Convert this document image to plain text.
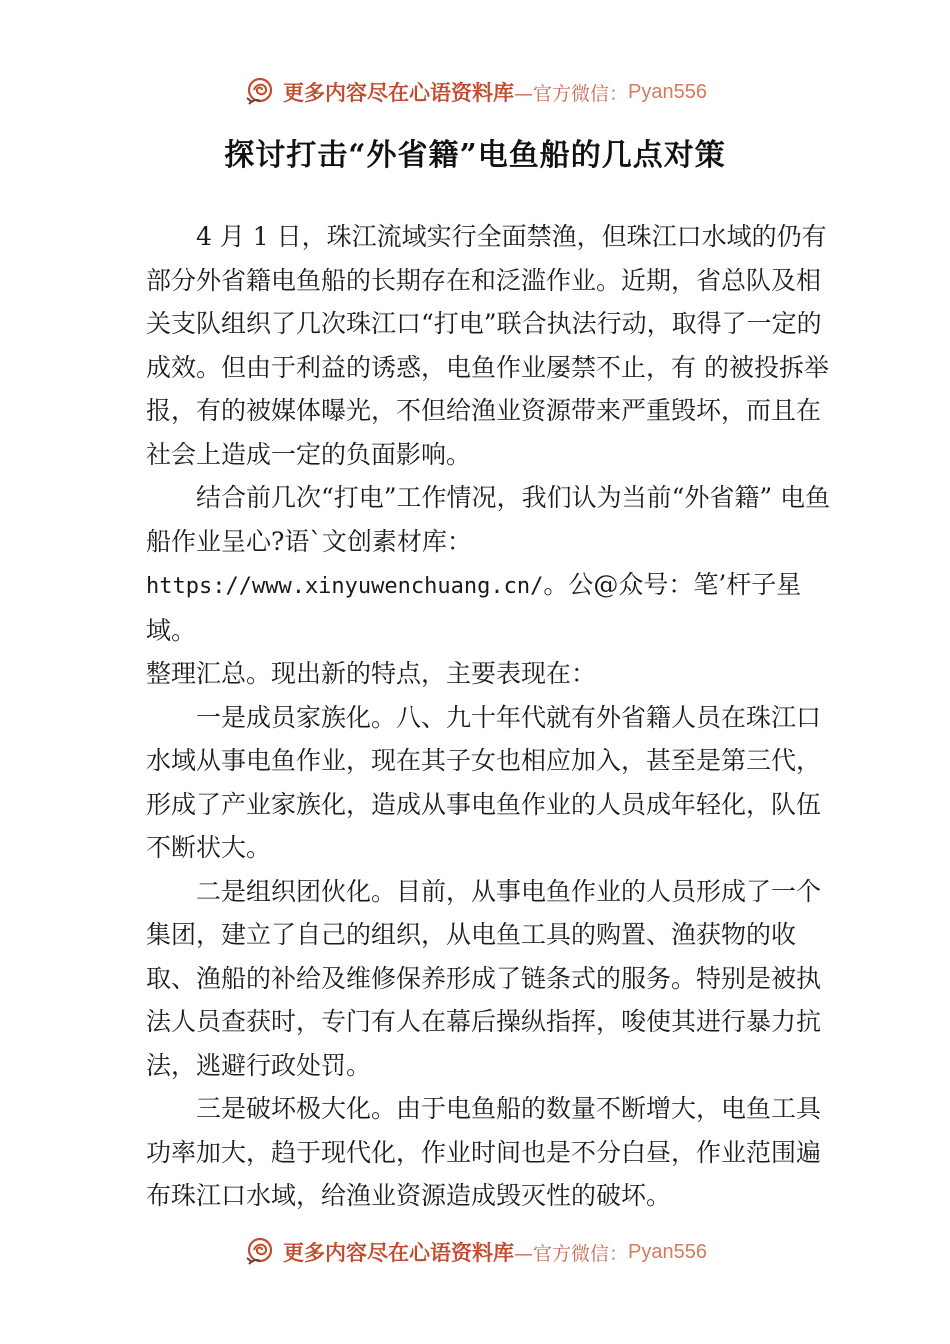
更多内容尽在心语资料库 —官方微信： Pyan556
探讨打击“外省籍”电鱼船的几点对策

4 月 1 日，珠江流域实行全面禁渔，但珠江口水域的仍有部分外省籍电鱼船的长期存在和泛滥作业。近期，省总队及相关支队组织了几次珠江口“打电”联合执法行动，取得了一定的成效。但由于利益的诱惑，电鱼作业屡禁不止，有 的被投拆举报，有的被媒体曝光，不但给渔业资源带来严重毁坏，而且在社会上造成一定的负面影响。

结合前几次“打电”工作情况，我们认为当前“外省籍” 电鱼船作业呈心?语`文创素材库：

https://www.xinyuwenchuang.cn/。公@众号：笔’杆子星域。

整理汇总。现出新的特点，主要表现在：

一是成员家族化。八、九十年代就有外省籍人员在珠江口水域从事电鱼作业，现在其子女也相应加入，甚至是第三代，形成了产业家族化，造成从事电鱼作业的人员成年轻化，队伍不断状大。

二是组织团伙化。目前，从事电鱼作业的人员形成了一个集团，建立了自己的组织，从电鱼工具的购置、渔获物的收取、渔船的补给及维修保养形成了链条式的服务。特别是被执法人员查获时，专门有人在幕后操纵指挥，唆使其进行暴力抗法，逃避行政处罚。

三是破坏极大化。由于电鱼船的数量不断增大，电鱼工具功率加大，趋于现代化，作业时间也是不分白昼，作业范围遍布珠江口水域，给渔业资源造成毁灭性的破坏。

更多内容尽在心语资料库 —官方微信： Pyan556
